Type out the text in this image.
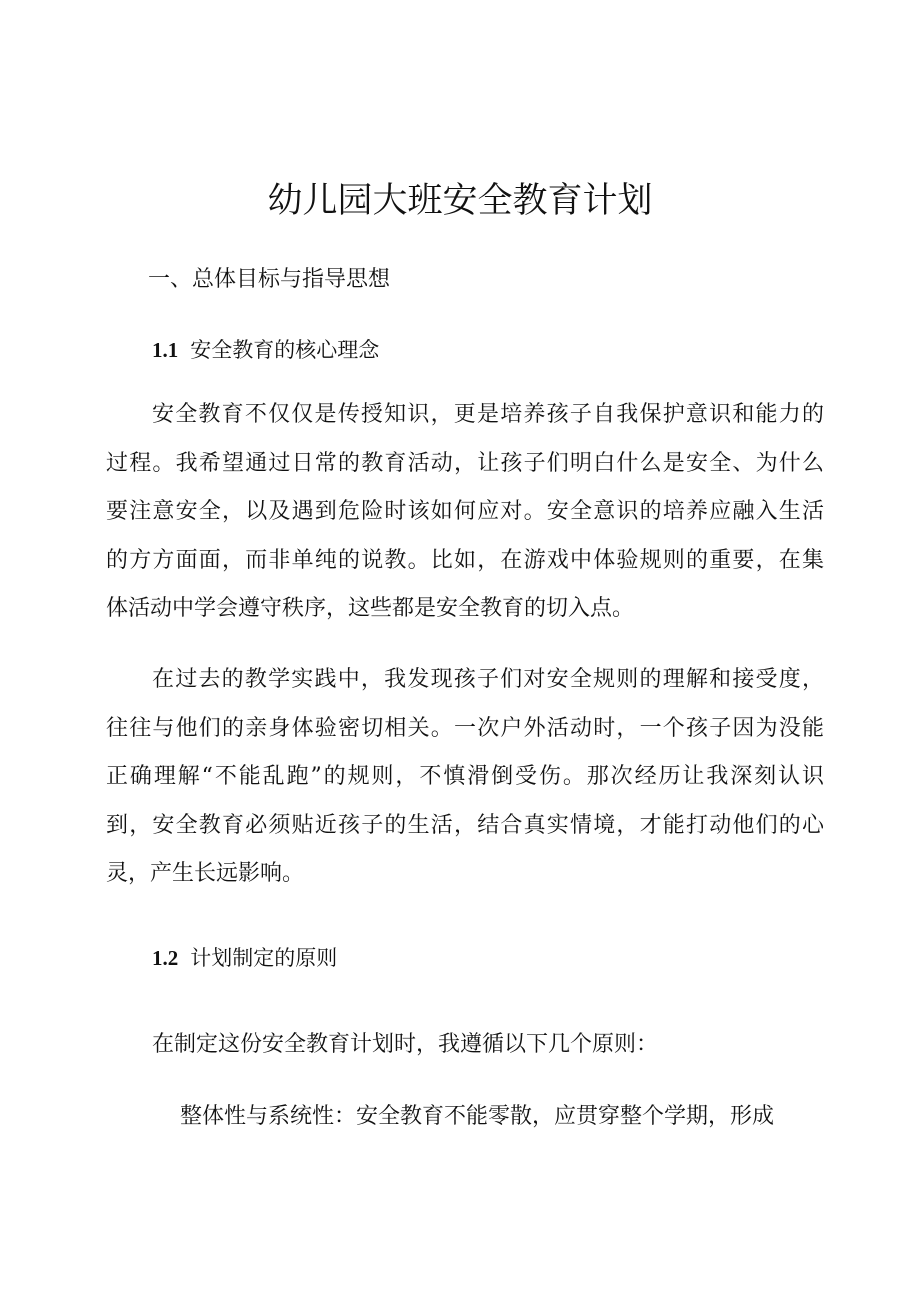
幼儿园大班安全教育计划
一、总体目标与指导思想
1.1 安全教育的核心理念
安全教育不仅仅是传授知识，更是培养孩子自我保护意识和能力的
过程。我希望通过日常的教育活动，让孩子们明白什么是安全、为什么
要注意安全，以及遇到危险时该如何应对。安全意识的培养应融入生活
的方方面面，而非单纯的说教。比如，在游戏中体验规则的重要，在集
体活动中学会遵守秩序，这些都是安全教育的切入点。
在过去的教学实践中，我发现孩子们对安全规则的理解和接受度，
往往与他们的亲身体验密切相关。一次户外活动时，一个孩子因为没能
正确理解“不能乱跑”的规则，不慎滑倒受伤。那次经历让我深刻认识
到，安全教育必须贴近孩子的生活，结合真实情境，才能打动他们的心
灵，产生长远影响。
1.2 计划制定的原则

在制定这份安全教育计划时，我遵循以下几个原则：

整体性与系统性：安全教育不能零散，应贯穿整个学期，形成
